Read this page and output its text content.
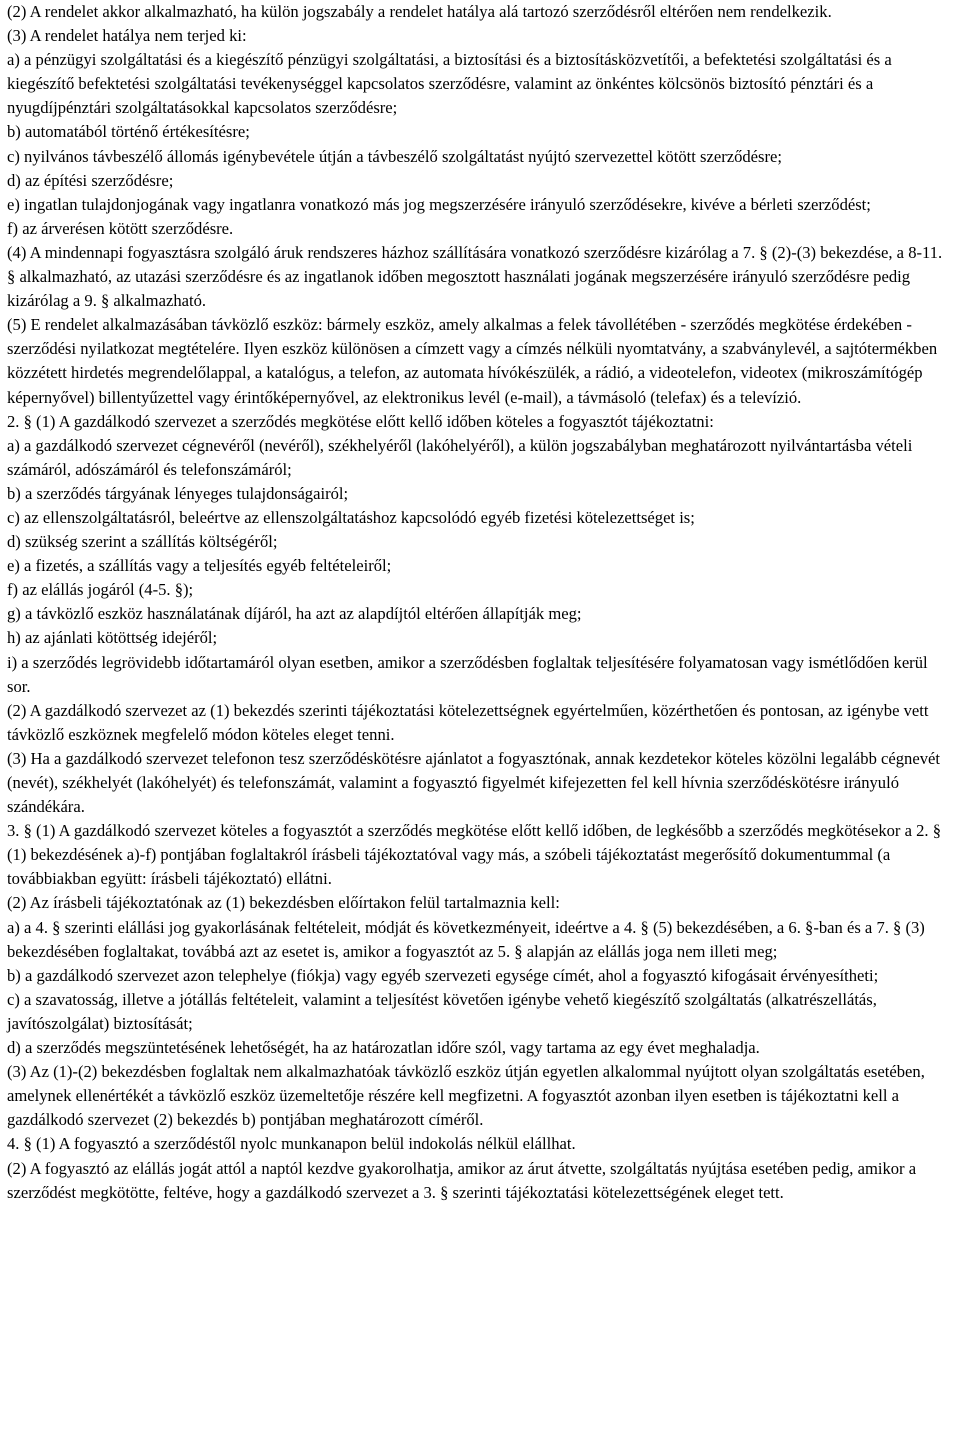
(2) A rendelet akkor alkalmazható, ha külön jogszabály a rendelet hatálya alá tartozó szerződésről eltérően nem rendelkezik.

(3) A rendelet hatálya nem terjed ki:

a) a pénzügyi szolgáltatási és a kiegészítő pénzügyi szolgáltatási, a biztosítási és a biztosításközvetítői, a befektetési szolgáltatási és a kiegészítő befektetési szolgáltatási tevékenységgel kapcsolatos szerződésre, valamint az önkéntes kölcsönös biztosító pénztári és a nyugdíjpénztári szolgáltatásokkal kapcsolatos szerződésre;

b) automatából történő értékesítésre;

c) nyilvános távbeszélő állomás igénybevétele útján a távbeszélő szolgáltatást nyújtó szervezettel kötött szerződésre;

d) az építési szerződésre;

e) ingatlan tulajdonjogának vagy ingatlanra vonatkozó más jog megszerzésére irányuló szerződésekre, kivéve a bérleti szerződést;

f) az árverésen kötött szerződésre.

(4) A mindennapi fogyasztásra szolgáló áruk rendszeres házhoz szállítására vonatkozó szerződésre kizárólag a 7. § (2)-(3) bekezdése, a 8-11. § alkalmazható, az utazási szerződésre és az ingatlanok időben megosztott használati jogának megszerzésére irányuló szerződésre pedig kizárólag a 9. § alkalmazható.

(5) E rendelet alkalmazásában távközlő eszköz: bármely eszköz, amely alkalmas a felek távollétében - szerződés megkötése érdekében - szerződési nyilatkozat megtételére. Ilyen eszköz különösen a címzett vagy a címzés nélküli nyomtatvány, a szabványlevél, a sajtótermékben közzétett hirdetés megrendelőlappal, a katalógus, a telefon, az automata hívókészülék, a rádió, a videotelefon, videotex (mikroszámítógép képernyővel) billentyűzettel vagy érintőképernyővel, az elektronikus levél (e-mail), a távmásoló (telefax) és a televízió.

2. § (1) A gazdálkodó szervezet a szerződés megkötése előtt kellő időben köteles a fogyasztót tájékoztatni:

a) a gazdálkodó szervezet cégnevéről (nevéről), székhelyéről (lakóhelyéről), a külön jogszabályban meghatározott nyilvántartásba vételi számáról, adószámáról és telefonszámáról;

b) a szerződés tárgyának lényeges tulajdonságairól;

c) az ellenszolgáltatásról, beleértve az ellenszolgáltatáshoz kapcsolódó egyéb fizetési kötelezettséget is;

d) szükség szerint a szállítás költségéről;

e) a fizetés, a szállítás vagy a teljesítés egyéb feltételeiről;

f) az elállás jogáról (4-5. §);

g) a távközlő eszköz használatának díjáról, ha azt az alapdíjtól eltérően állapítják meg;

h) az ajánlati kötöttség idejéről;

i) a szerződés legrövidebb időtartamáról olyan esetben, amikor a szerződésben foglaltak teljesítésére folyamatosan vagy ismétlődően kerül sor.

(2) A gazdálkodó szervezet az (1) bekezdés szerinti tájékoztatási kötelezettségnek egyértelműen, közérthetően és pontosan, az igénybe vett távközlő eszköznek megfelelő módon köteles eleget tenni.

(3) Ha a gazdálkodó szervezet telefonon tesz szerződéskötésre ajánlatot a fogyasztónak, annak kezdetekor köteles közölni legalább cégnevét (nevét), székhelyét (lakóhelyét) és telefonszámát, valamint a fogyasztó figyelmét kifejezetten fel kell hívnia szerződéskötésre irányuló szándékára.

3. § (1) A gazdálkodó szervezet köteles a fogyasztót a szerződés megkötése előtt kellő időben, de legkésőbb a szerződés megkötésekor a 2. § (1) bekezdésének a)-f) pontjában foglaltakról írásbeli tájékoztatóval vagy más, a szóbeli tájékoztatást megerősítő dokumentummal (a továbbiakban együtt: írásbeli tájékoztató) ellátni.

(2) Az írásbeli tájékoztatónak az (1) bekezdésben előírtakon felül tartalmaznia kell:

a) a 4. § szerinti elállási jog gyakorlásának feltételeit, módját és következményeit, ideértve a 4. § (5) bekezdésében, a 6. §-ban és a 7. § (3) bekezdésében foglaltakat, továbbá azt az esetet is, amikor a fogyasztót az 5. § alapján az elállás joga nem illeti meg;

b) a gazdálkodó szervezet azon telephelye (fiókja) vagy egyéb szervezeti egysége címét, ahol a fogyasztó kifogásait érvényesítheti;

c) a szavatosság, illetve a jótállás feltételeit, valamint a teljesítést követően igénybe vehető kiegészítő szolgáltatás (alkatrészellátás, javítószolgálat) biztosítását;

d) a szerződés megszüntetésének lehetőségét, ha az határozatlan időre szól, vagy tartama az egy évet meghaladja.

(3) Az (1)-(2) bekezdésben foglaltak nem alkalmazhatóak távközlő eszköz útján egyetlen alkalommal nyújtott olyan szolgáltatás esetében, amelynek ellenértékét a távközlő eszköz üzemeltetője részére kell megfizetni. A fogyasztót azonban ilyen esetben is tájékoztatni kell a gazdálkodó szervezet (2) bekezdés b) pontjában meghatározott címéről.

4. § (1) A fogyasztó a szerződéstől nyolc munkanapon belül indokolás nélkül elállhat.

(2) A fogyasztó az elállás jogát attól a naptól kezdve gyakorolhatja, amikor az árut átvette, szolgáltatás nyújtása esetében pedig, amikor a szerződést megkötötte, feltéve, hogy a gazdálkodó szervezet a 3. § szerinti tájékoztatási kötelezettségének eleget tett.
